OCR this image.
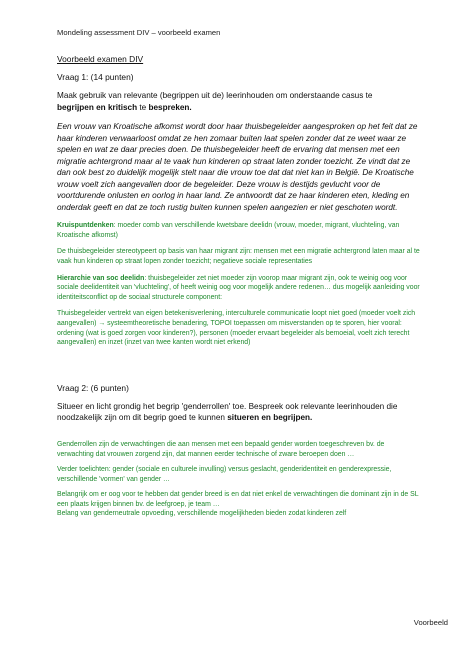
Mondeling assessment DIV – voorbeeld examen
Voorbeeld examen DIV
Vraag 1: (14 punten)
Maak gebruik van relevante (begrippen uit de) leerinhouden om onderstaande casus te
begrijpen en kritisch te bespreken.
Een vrouw van Kroatische afkomst wordt door haar thuisbegeleider aangesproken op het feit dat ze haar kinderen verwaarloost omdat ze hen zomaar buiten laat spelen zonder dat ze weet waar ze spelen en wat ze daar precies doen. De thuisbegeleider heeft de ervaring dat mensen met een migratie achtergrond maar al te vaak hun kinderen op straat laten zonder toezicht. Ze vindt dat ze dan ook best zo duidelijk mogelijk stelt naar die vrouw toe dat dat niet kan in België. De Kroatische vrouw voelt zich aangevallen door de begeleider. Deze vrouw is destijds gevlucht voor de voortdurende onlusten en oorlog in haar land. Ze antwoordt dat ze haar kinderen eten, kleding en onderdak geeft en dat ze toch rustig buiten kunnen spelen aangezien er niet geschoten wordt.
Kruispuntdenken: moeder comb van verschillende kwetsbare deelidn (vrouw, moeder, migrant, vluchteling, van Kroatische afkomst)
De thuisbegeleider stereotypeert op basis van haar migrant zijn: mensen met een migratie achtergrond laten maar al te vaak hun kinderen op straat lopen zonder toezicht; negatieve sociale representaties
Hierarchie van soc deelidn: thuisbegeleider zet niet moeder zijn voorop maar migrant zijn, ook te weinig oog voor sociale deelidentiteit van 'vluchteling', of heeft weinig oog voor mogelijk andere redenen… dus mogelijk aanleiding voor identiteitsconflict op de sociaal structurele component:
Thuisbegeleider vertrekt van eigen betekenisverlening, interculturele communicatie loopt niet goed (moeder voelt zich aangevallen) → systeemtheoretische benadering, TOPOI toepassen om misverstanden op te sporen, hier vooral: ordening (wat is goed zorgen voor kinderen?), personen (moeder ervaart begeleider als bemoeial, voelt zich terecht aangevallen) en inzet (inzet van twee kanten wordt niet erkend)
Vraag 2: (6 punten)
Situeer en licht grondig het begrip 'genderrollen' toe. Bespreek ook relevante leerinhouden die noodzakelijk zijn om dit begrip goed te kunnen situeren en begrijpen.
Genderrollen zijn de verwachtingen die aan mensen met een bepaald gender worden toegeschreven bv. de verwachting dat vrouwen zorgend zijn, dat mannen eerder technische of zware beroepen doen …
Verder toelichten: gender (sociale en culturele invulling) versus geslacht, genderidentiteit en genderexpressie, verschillende 'vormen' van gender …
Belangrijk om er oog voor te hebben dat gender breed is en dat niet enkel de verwachtingen die dominant zijn in de SL een plaats krijgen binnen bv. de leefgroep, je team …
Belang van genderneutrale opvoeding, verschillende mogelijkheden bieden zodat kinderen zelf
Voorbeeld
